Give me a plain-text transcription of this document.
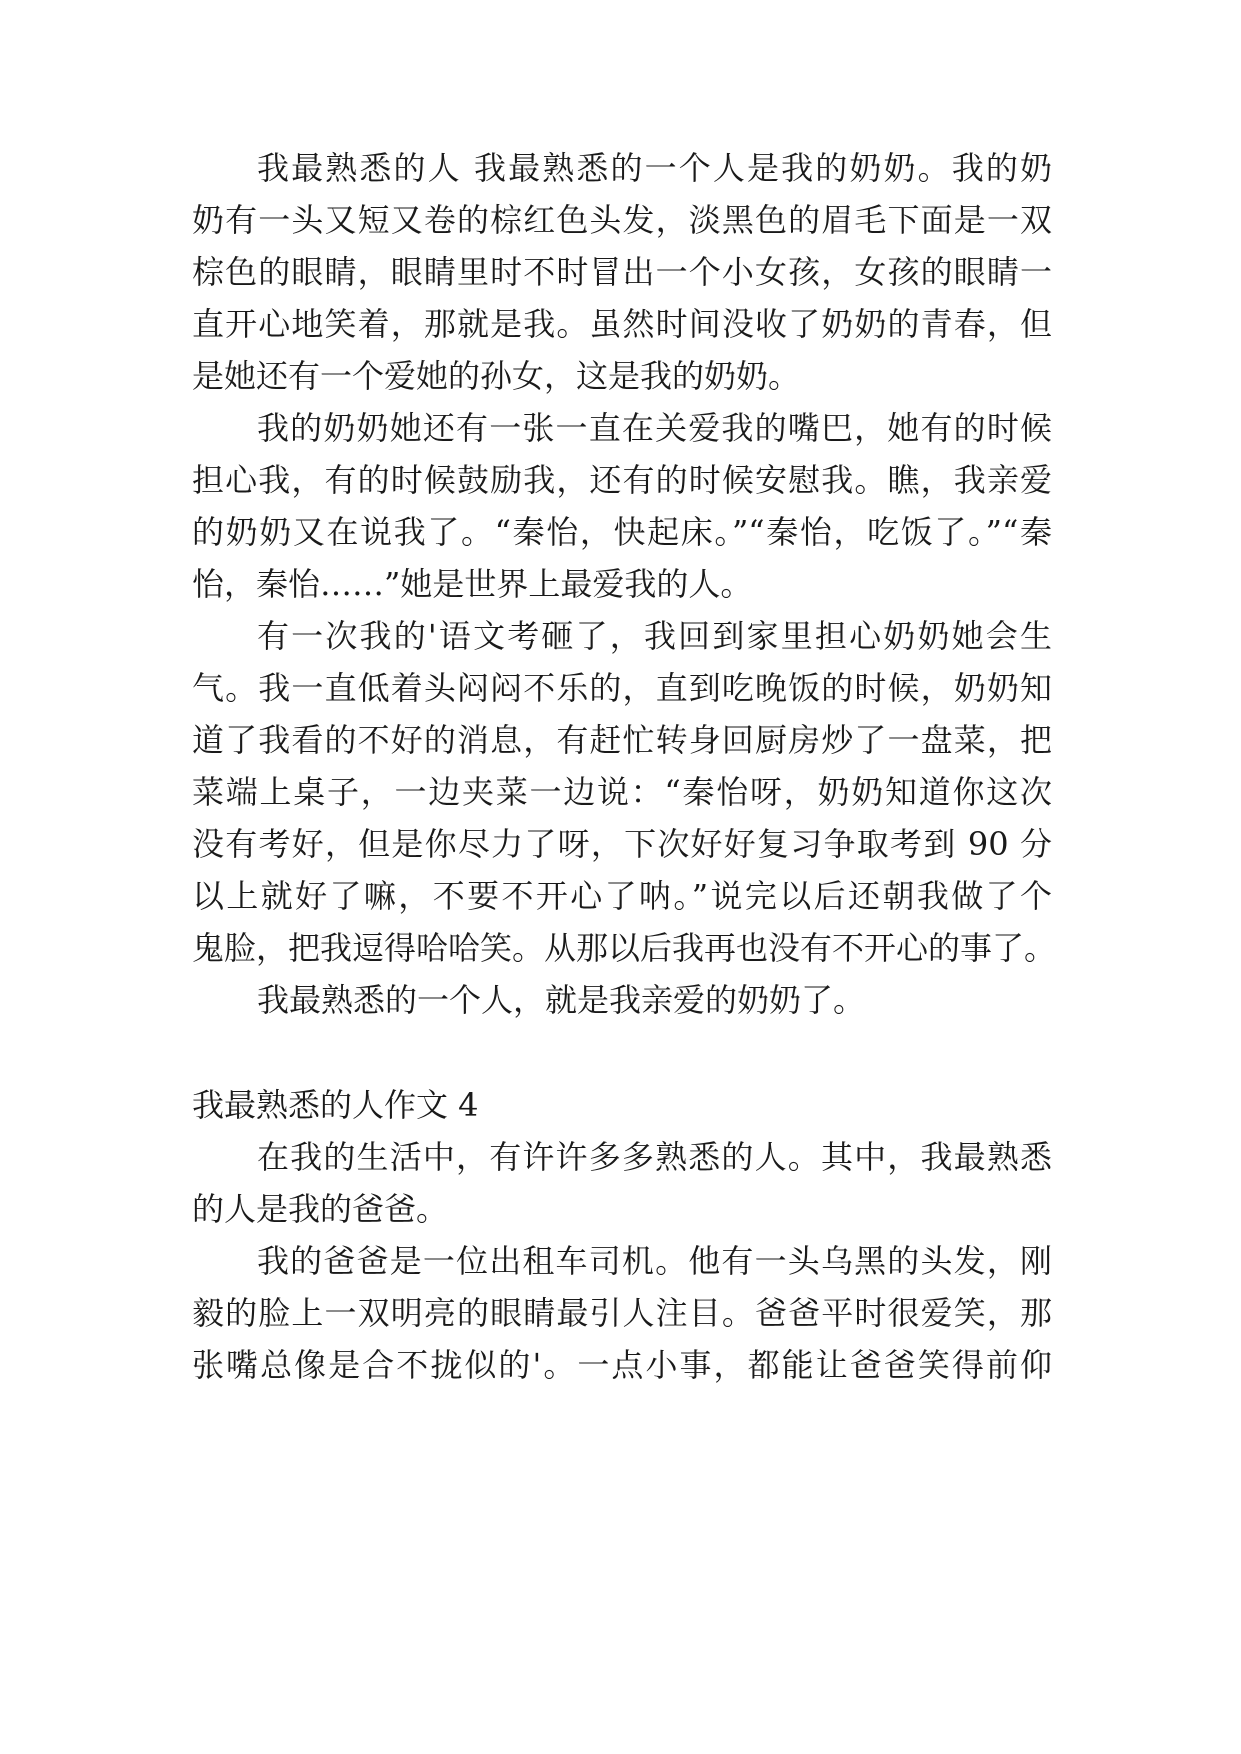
我最熟悉的人 我最熟悉的一个人是我的奶奶。我的奶
奶有一头又短又卷的棕红色头发，淡黑色的眉毛下面是一双
棕色的眼睛，眼睛里时不时冒出一个小女孩，女孩的眼睛一
直开心地笑着，那就是我。虽然时间没收了奶奶的青春，但
是她还有一个爱她的孙女，这是我的奶奶。
我的奶奶她还有一张一直在关爱我的嘴巴，她有的时候
担心我，有的时候鼓励我，还有的时候安慰我。瞧，我亲爱
的奶奶又在说我了。“秦怡，快起床。”“秦怡，吃饭了。”“秦
怡，秦怡……”她是世界上最爱我的人。
有一次我的'语文考砸了，我回到家里担心奶奶她会生
气。我一直低着头闷闷不乐的，直到吃晚饭的时候，奶奶知
道了我看的不好的消息，有赶忙转身回厨房炒了一盘菜，把
菜端上桌子，一边夹菜一边说：“秦怡呀，奶奶知道你这次
没有考好，但是你尽力了呀，下次好好复习争取考到 90 分
以上就好了嘛，不要不开心了呐。”说完以后还朝我做了个
鬼脸，把我逗得哈哈笑。从那以后我再也没有不开心的事了。
我最熟悉的一个人，就是我亲爱的奶奶了。
我最熟悉的人作文 4
在我的生活中，有许许多多熟悉的人。其中，我最熟悉
的人是我的爸爸。
我的爸爸是一位出租车司机。他有一头乌黑的头发，刚
毅的脸上一双明亮的眼睛最引人注目。爸爸平时很爱笑，那
张嘴总像是合不拢似的'。一点小事，都能让爸爸笑得前仰
